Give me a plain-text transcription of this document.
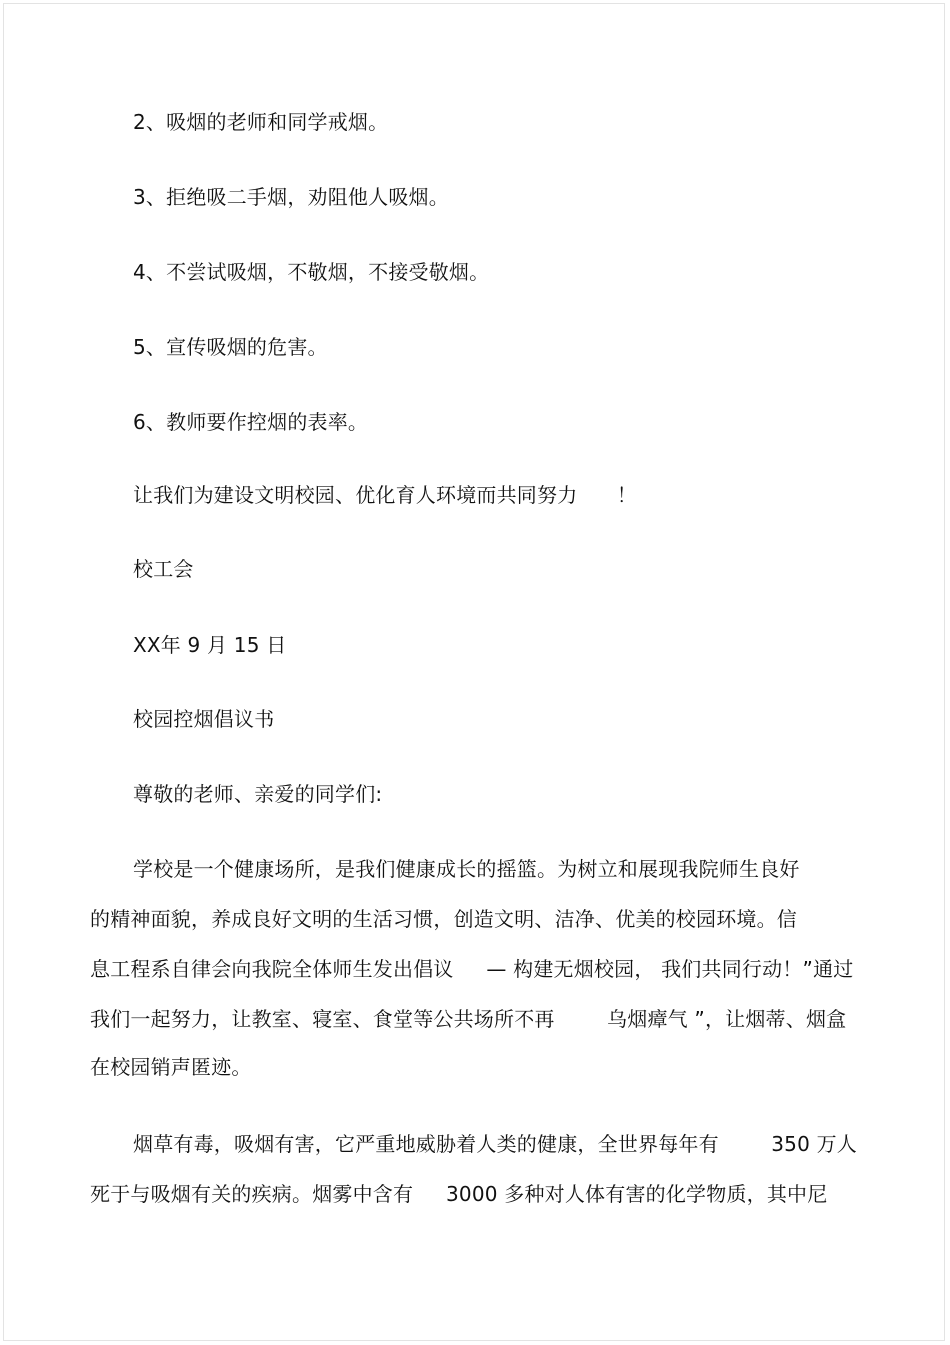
2、吸烟的老师和同学戒烟。
3、拒绝吸二手烟，劝阻他人吸烟。
4、不尝试吸烟，不敬烟，不接受敬烟。
5、宣传吸烟的危害。
6、教师要作控烟的表率。
让我们为建设文明校园、优化育人环境而共同努力      ！
校工会
XX年 9 月 15 日
校园控烟倡议书
尊敬的老师、亲爱的同学们:
学校是一个健康场所，是我们健康成长的摇篮。为树立和展现我院师生良好
的精神面貌，养成良好文明的生活习惯，创造文明、洁净、优美的校园环境。信
息工程系自律会向我院全体师生发出倡议     — 构建无烟校园， 我们共同行动！”通过
我们一起努力，让教室、寝室、食堂等公共场所不再        乌烟瘴气 ”，让烟蒂、烟盒
在校园销声匿迹。
烟草有毒，吸烟有害，它严重地威胁着人类的健康，全世界每年有        350 万人
死于与吸烟有关的疾病。烟雾中含有     3000 多种对人体有害的化学物质，其中尼
